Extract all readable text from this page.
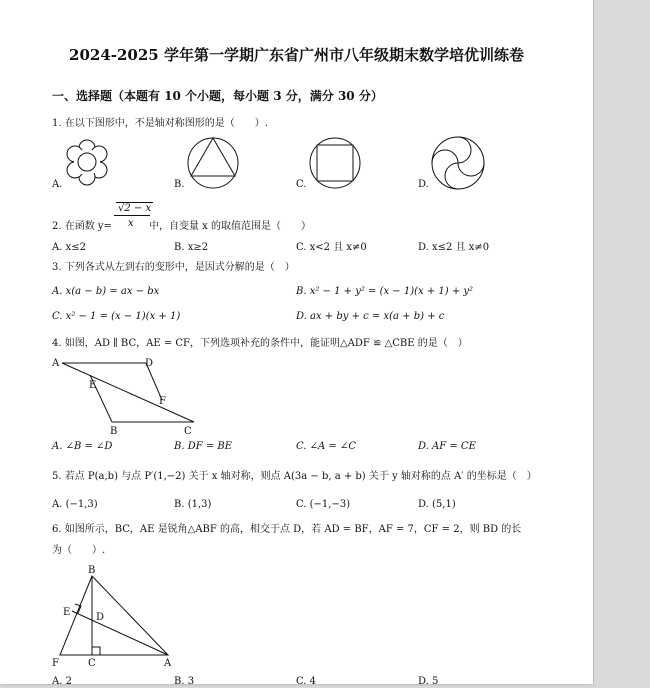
2024-2025 学年第一学期广东省广州市八年级期末数学培优训练卷
一、选择题（本题有 10 个小题，每小题 3 分，满分 30 分）
1. 在以下图形中，不是轴对称图形的是（　　）.
A.	B.	C.	D.
2. 在函数 y=
√2 − x
x 中，自变量 x 的取值范围是（　　）
A. x≤2	B. x≥2	C. x<2 且 x≠0	D. x≤2 且 x≠0
3. 下列各式从左到右的变形中，是因式分解的是（　）
A. x(a − b) = ax − bx	B. x² − 1 + y² = (x − 1)(x + 1) + y²
C. x² − 1 = (x − 1)(x + 1)	D. ax + by + c = x(a + b) + c
4. 如图，AD ∥ BC，AE = CF，下列选项补充的条件中，能证明△ADF ≌ △CBE 的是（　）
A	D
E
F
B	C
A. ∠B = ∠D	B. DF = BE	C. ∠A = ∠C	D. AF = CE
5. 若点 P(a,b) 与点 P′(1,−2) 关于 x 轴对称，则点 A(3a − b, a + b) 关于 y 轴对称的点 A′ 的坐标是（　）
A. (−1,3)	B. (1,3)	C. (−1,−3)	D. (5,1)
6. 如图所示，BC，AE 是锐角△ABF 的高，相交于点 D，若 AD = BF，AF = 7，CF = 2，则 BD 的长
为（　　）.
B
E	D
F	C	A
A. 2	B. 3	C. 4	D. 5
